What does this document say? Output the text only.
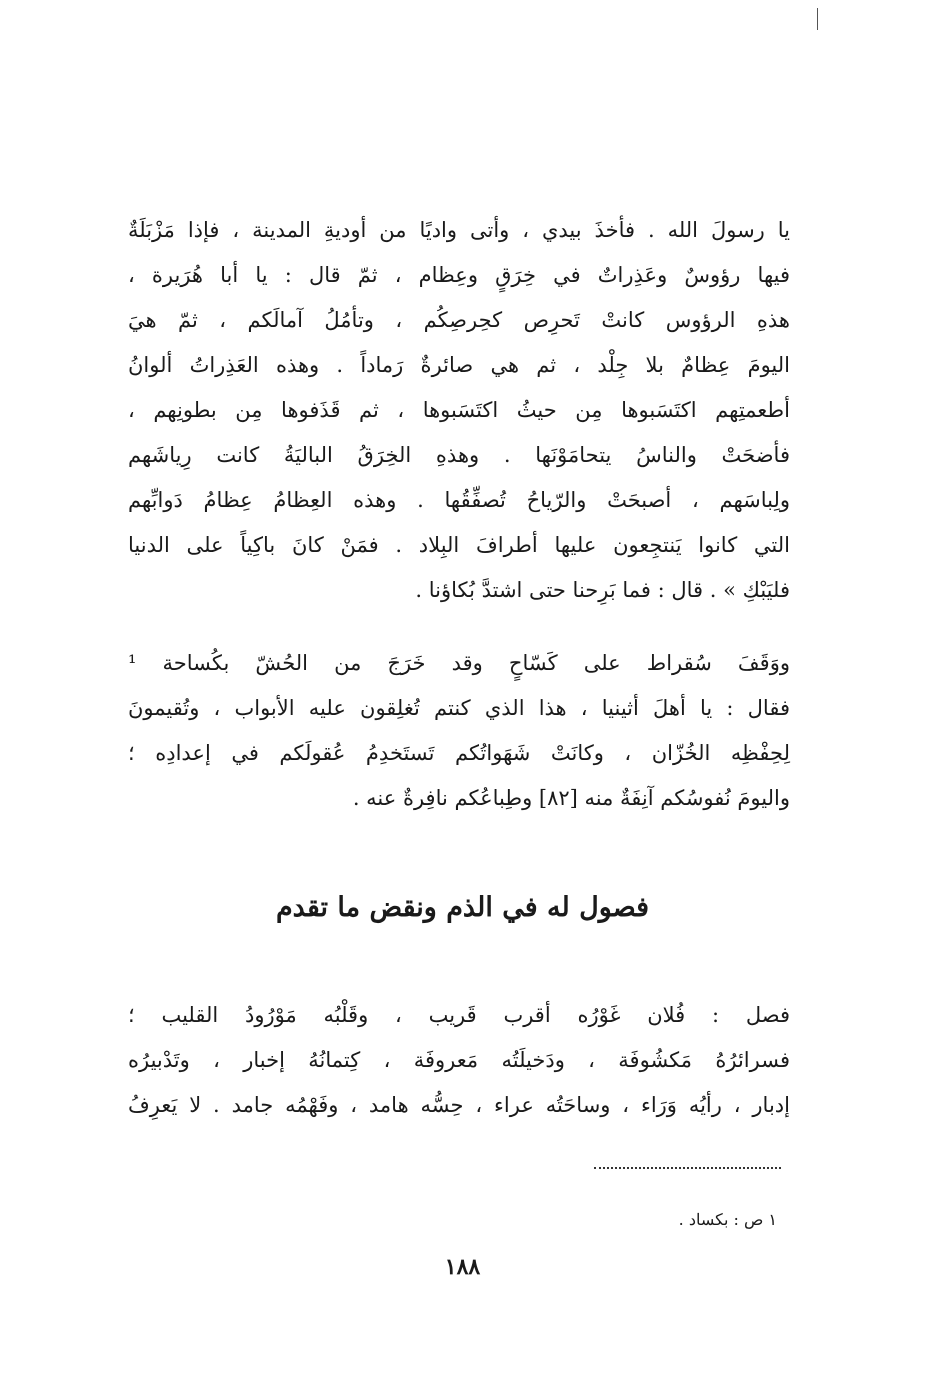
يا رسولَ الله . فأخذَ بيدي ، وأتى واديًا من أوديةِ المدينة ، فإذا مَزْبَلَةٌ
فيها رؤوسٌ وعَذِراتٌ في خِرَقٍ وعِظام ، ثمّ قال : يا أبا هُرَيرة ،
هذهِ الرؤوس كانتْ تَحرِص كحِرصِكُم ، وتأمُلُ آمالَكم ، ثمّ هيَ
اليومَ عِظامٌ بلا جِلْد ، ثم هي صائرةٌ رَماداً . وهذه العَذِراتُ ألوانُ
أطعمتِهم اكتَسَبوها مِن حيثُ اكتَسَبوها ، ثم قَذَفوها مِن بطونِهم ،
فأضحَتْ والناسُ يتحامَوْنَها . وهذهِ الخِرَقُ الباليَةُ كانت رِياشَهم
ولِباسَهم ، أصبحَتْ والرّياحُ تُصفِّقُها . وهذه العِظامُ عِظامُ دَوابِّهم
التي كانوا يَنتجِعون عليها أطرافَ البِلاد . فمَنْ كانَ باكِياً على الدنيا
فليَبْكِ » . قال : فما بَرِحنا حتى اشتدَّ بُكاؤنا .
ووَقَفَ سُقراط على كَسّاحٍ وقد خَرَجَ من الحُشّ بكُساحة ¹
فقال : يا أهلَ أثينيا ، هذا الذي كنتم تُغلِقون عليه الأبواب ، وتُقيمونَ
لِحِفْظِه الخُزّان ، وكانَتْ شَهَواتُكم تَستَخدِمُ عُقولَكم في إعدادِه ؛
واليومَ نُفوسُكم آنِفَةٌ منه [٨٢] وطِباعُكم نافِرةٌ عنه .
فصول له في الذم ونقض ما تقدم
فصل : فُلان غَوْرُه أقرب قَريب ، وقَلْبُه مَوْرُودُ القليب ؛
فسرائرُهُ مَكشُوفَة ، ودَخيلَتُه مَعروفَة ، كِتمانُهُ إخبار ، وتَدْبيرُه
إدبار ، رأيُه وَرَاء ، وساحَتُه عراء ، حِسُّه هامد ، وفَهْمُه جامد . لا يَعرِفُ
١ ص : بكساد .
١٨٨
